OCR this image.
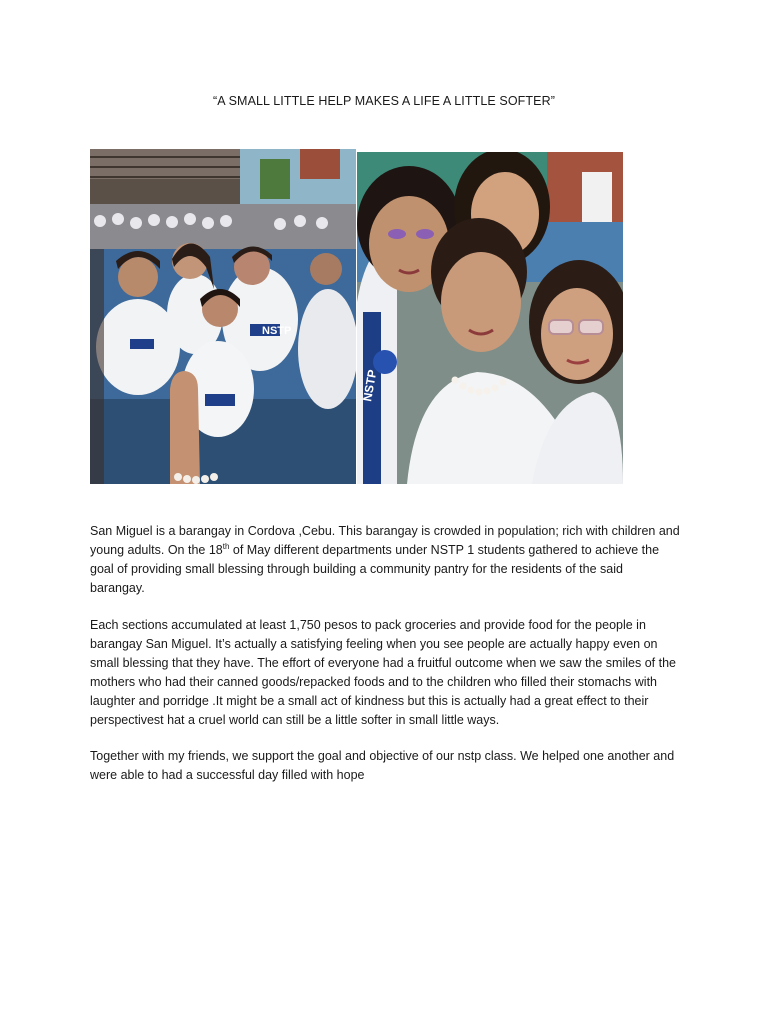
“A SMALL LITTLE HELP MAKES A LIFE A LITTLE SOFTER”
NSTP
NSTP

San Miguel is a barangay in Cordova ,Cebu. This barangay is crowded in population; rich with children and young adults. On the 18th of May different departments under NSTP 1 students gathered to achieve the goal of providing small blessing through building a community pantry for the residents of the said barangay.

Each sections accumulated at least 1,750 pesos to pack groceries and provide food for the people in barangay San Miguel. It’s actually a satisfying feeling when you see people are actually happy even on small blessing that they have. The effort of everyone had a fruitful outcome when we saw the smiles of the mothers who had their canned goods/repacked foods and to the children who filled their stomachs with laughter and porridge .It might be a small act of kindness but this is actually had a great effect to their perspectivest hat a cruel world can still be a little softer in small little ways.

Together with my friends, we support the goal and objective of our nstp class. We helped one another and were able to had a successful day filled with hope
